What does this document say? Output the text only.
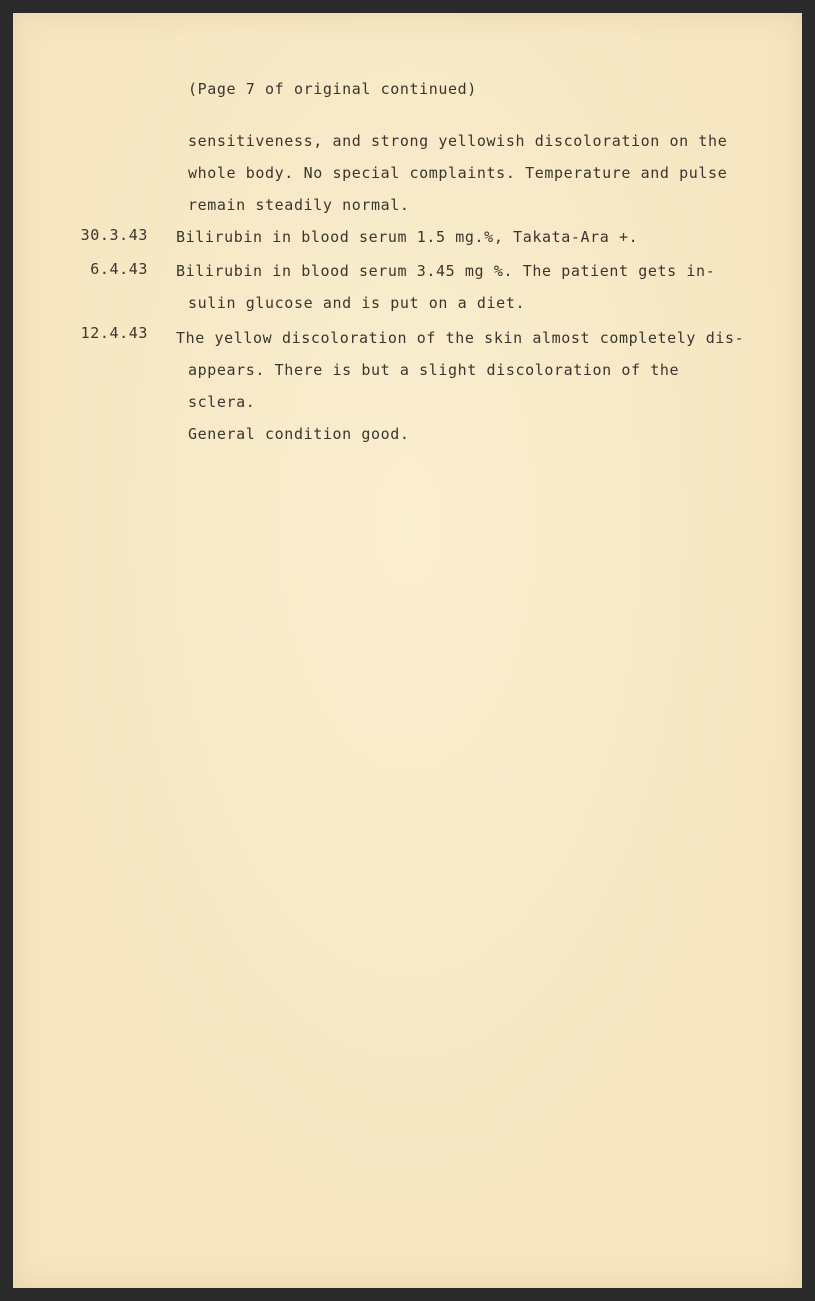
(Page 7 of original continued)
sensitiveness, and strong yellowish discoloration on the
whole body. No special complaints. Temperature and pulse
remain steadily normal.
30.3.43 Bilirubin in blood serum 1.5 mg.%, Takata-Ara +.
6.4.43 Bilirubin in blood serum 3.45 mg %. The patient gets in-
sulin glucose and is put on a diet.
12.4.43 The yellow discoloration of the skin almost completely dis-
appears. There is but a slight discoloration of the
sclera.
General condition good.
